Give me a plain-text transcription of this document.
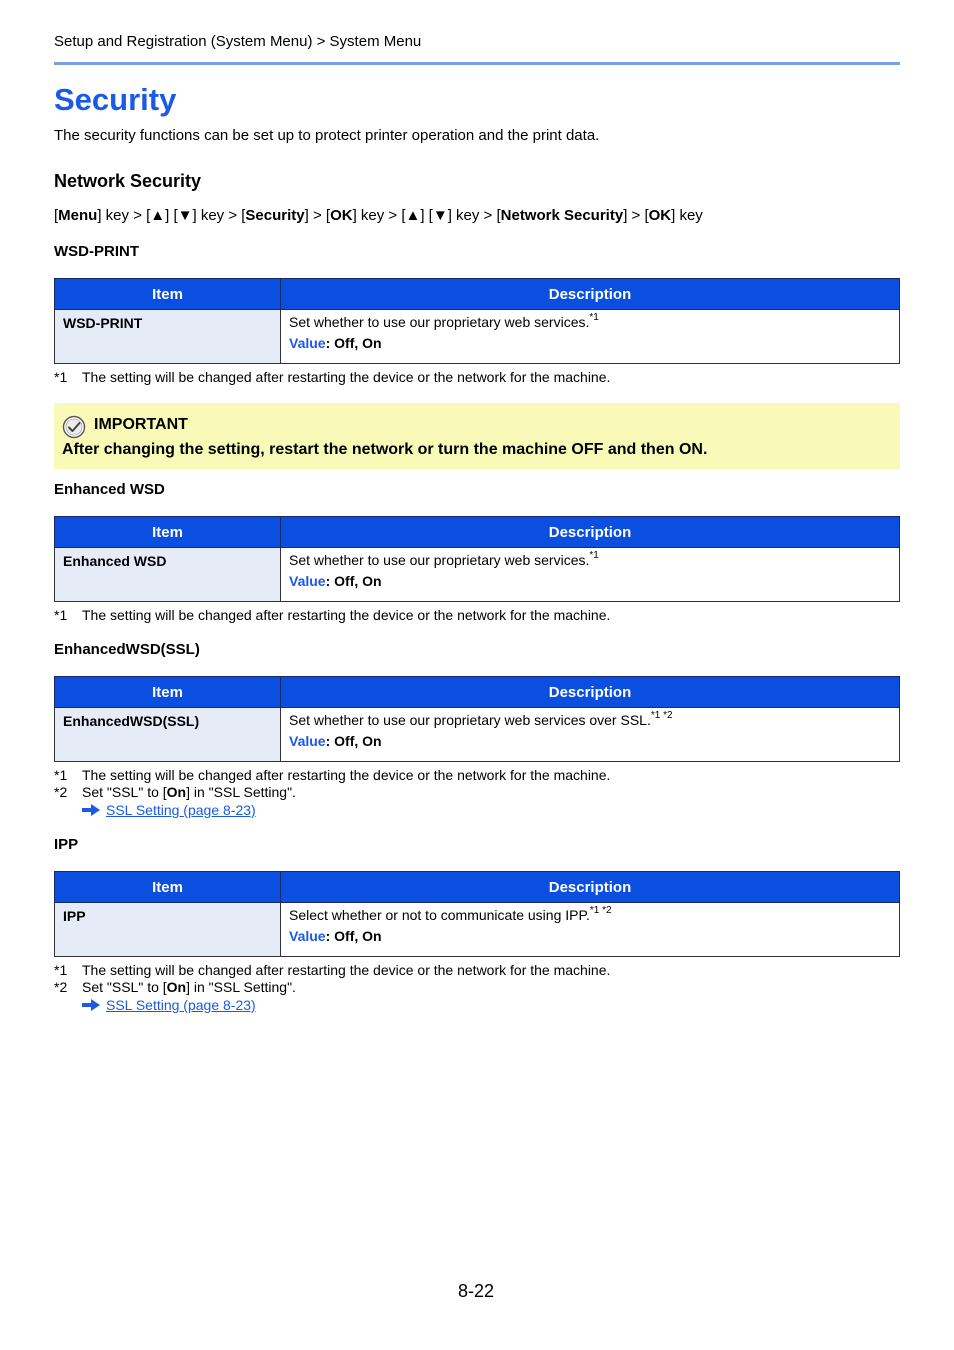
Setup and Registration (System Menu) > System Menu
Security
The security functions can be set up to protect printer operation and the print data.
Network Security
[Menu] key > [▲] [▼] key > [Security] > [OK] key > [▲] [▼] key > [Network Security] > [OK] key
WSD-PRINT
Item	Description
WSD-PRINT	Set whether to use our proprietary web services.$^{*1}$
Value: Off, On
*1 The setting will be changed after restarting the device or the network for the machine.
IMPORTANT
After changing the setting, restart the network or turn the machine OFF and then ON.
Enhanced WSD
Item	Description
Enhanced WSD	Set whether to use our proprietary web services.$^{*1}$
Value: Off, On
*1 The setting will be changed after restarting the device or the network for the machine.
EnhancedWSD(SSL)
Item	Description
EnhancedWSD(SSL)	Set whether to use our proprietary web services over SSL.$^{*1 *2}$
Value: Off, On
*1 The setting will be changed after restarting the device or the network for the machine.
*2 Set "SSL" to [On] in "SSL Setting".
SSL Setting (page 8-23)
IPP
Item	Description
IPP	Select whether or not to communicate using IPP.$^{*1 *2}$
Value: Off, On
*1 The setting will be changed after restarting the device or the network for the machine.
*2 Set "SSL" to [On] in "SSL Setting".
SSL Setting (page 8-23)
8-22
